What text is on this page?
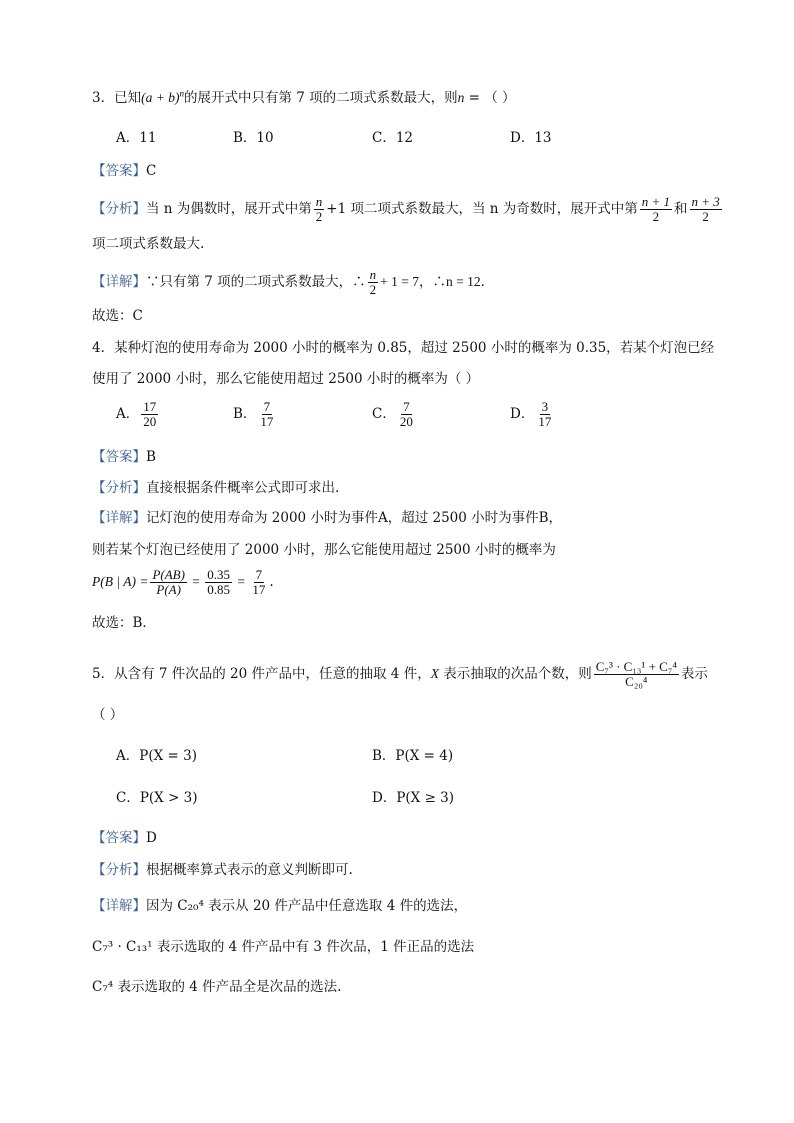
3．已知$(a + b)^n$的展开式中只有第 7 项的二项式系数最大，则n = （ ）
A．11	B．10	C．12	D．13
【答案】C
【分析】当 n 为偶数时，展开式中第 $\frac{n}{2} +1$ 项二项式系数最大，当 n 为奇数时，展开式中第 $\frac{n + 1}{2}$ 和 $\frac{n + 3}{2}$
项二项式系数最大.
【详解】∵只有第 7 项的二项式系数最大，∴ $\frac{n}{2} + 1 = 7$，∴n = 12．
故选：C
4．某种灯泡的使用寿命为 2000 小时的概率为 0.85，超过 2500 小时的概率为 0.35，若某个灯泡已经
使用了 2000 小时，那么它能使用超过 2500 小时的概率为（ ）
A． $\frac{17}{20}$	B． $\frac{7}{17}$	C． $\frac{7}{20}$	D． $\frac{3}{17}$
【答案】B
【分析】直接根据条件概率公式即可求出.
【详解】记灯泡的使用寿命为 2000 小时为事件A，超过 2500 小时为事件B，
则若某个灯泡已经使用了 2000 小时，那么它能使用超过 2500 小时的概率为
P(B | $A) = \frac{P(AB)}{P(A)} = \frac{0.35}{0.85} = \frac{7}{17}$ .
故选：B．
5．从含有 7 件次品的 20 件产品中，任意的抽取 4 件，X 表示抽取的次品个数，则 $\frac{\text{C₇³ · C₁₃¹ + C₇⁴}}{\text{C₂₀⁴}}$ 表示
（ ）
A．P(X = 3)	B．P(X = 4)
C．P(X > 3)	D．P(X ≥ 3)
【答案】D
【分析】根据概率算式表示的意义判断即可.
【详解】因为 C₂₀⁴ 表示从 20 件产品中任意选取 4 件的选法，
C₇³ · C₁₃¹ 表示选取的 4 件产品中有 3 件次品，1 件正品的选法
C₇⁴ 表示选取的 4 件产品全是次品的选法.
